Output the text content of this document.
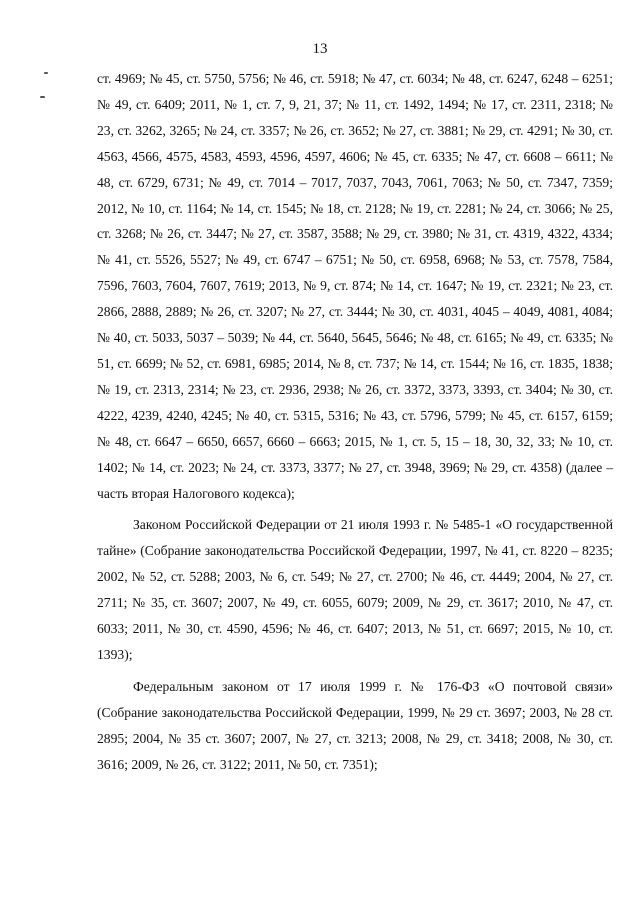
13

ст. 4969; № 45, ст. 5750, 5756; № 46, ст. 5918; № 47, ст. 6034; № 48, ст. 6247, 6248 – 6251; № 49, ст. 6409; 2011, № 1, ст. 7, 9, 21, 37; № 11, ст. 1492, 1494; № 17, ст. 2311, 2318; № 23, ст. 3262, 3265; № 24, ст. 3357; № 26, ст. 3652; № 27, ст. 3881; № 29, ст. 4291; № 30, ст. 4563, 4566, 4575, 4583, 4593, 4596, 4597, 4606; № 45, ст. 6335; № 47, ст. 6608 – 6611; № 48, ст. 6729, 6731; № 49, ст. 7014 – 7017, 7037, 7043, 7061, 7063; № 50, ст. 7347, 7359; 2012, № 10, ст. 1164; № 14, ст. 1545; № 18, ст. 2128; № 19, ст. 2281; № 24, ст. 3066; № 25, ст. 3268; № 26, ст. 3447; № 27, ст. 3587, 3588; № 29, ст. 3980; № 31, ст. 4319, 4322, 4334; № 41, ст. 5526, 5527; № 49, ст. 6747 – 6751; № 50, ст. 6958, 6968; № 53, ст. 7578, 7584, 7596, 7603, 7604, 7607, 7619; 2013, № 9, ст. 874; № 14, ст. 1647; № 19, ст. 2321; № 23, ст. 2866, 2888, 2889; № 26, ст. 3207; № 27, ст. 3444; № 30, ст. 4031, 4045 – 4049, 4081, 4084; № 40, ст. 5033, 5037 – 5039; № 44, ст. 5640, 5645, 5646; № 48, ст. 6165; № 49, ст. 6335; № 51, ст. 6699; № 52, ст. 6981, 6985; 2014, № 8, ст. 737; № 14, ст. 1544; № 16, ст. 1835, 1838; № 19, ст. 2313, 2314; № 23, ст. 2936, 2938; № 26, ст. 3372, 3373, 3393, ст. 3404; № 30, ст. 4222, 4239, 4240, 4245; № 40, ст. 5315, 5316; № 43, ст. 5796, 5799; № 45, ст. 6157, 6159; № 48, ст. 6647 – 6650, 6657, 6660 – 6663; 2015, № 1, ст. 5, 15 – 18, 30, 32, 33; № 10, ст. 1402; № 14, ст. 2023; № 24, ст. 3373, 3377; № 27, ст. 3948, 3969; № 29, ст. 4358) (далее – часть вторая Налогового кодекса);

Законом Российской Федерации от 21 июля 1993 г. № 5485-1 «О государственной тайне» (Собрание законодательства Российской Федерации, 1997, № 41, ст. 8220 – 8235; 2002, № 52, ст. 5288; 2003, № 6, ст. 549; № 27, ст. 2700; № 46, ст. 4449; 2004, № 27, ст. 2711; № 35, ст. 3607; 2007, № 49, ст. 6055, 6079; 2009, № 29, ст. 3617; 2010, № 47, ст. 6033; 2011, № 30, ст. 4590, 4596; № 46, ст. 6407; 2013, № 51, ст. 6697; 2015, № 10, ст. 1393);

Федеральным законом от 17 июля 1999 г. № 176-ФЗ «О почтовой связи» (Собрание законодательства Российской Федерации, 1999, № 29 ст. 3697; 2003, № 28 ст. 2895; 2004, № 35 ст. 3607; 2007, № 27, ст. 3213; 2008, № 29, ст. 3418; 2008, № 30, ст. 3616; 2009, № 26, ст. 3122; 2011, № 50, ст. 7351);
